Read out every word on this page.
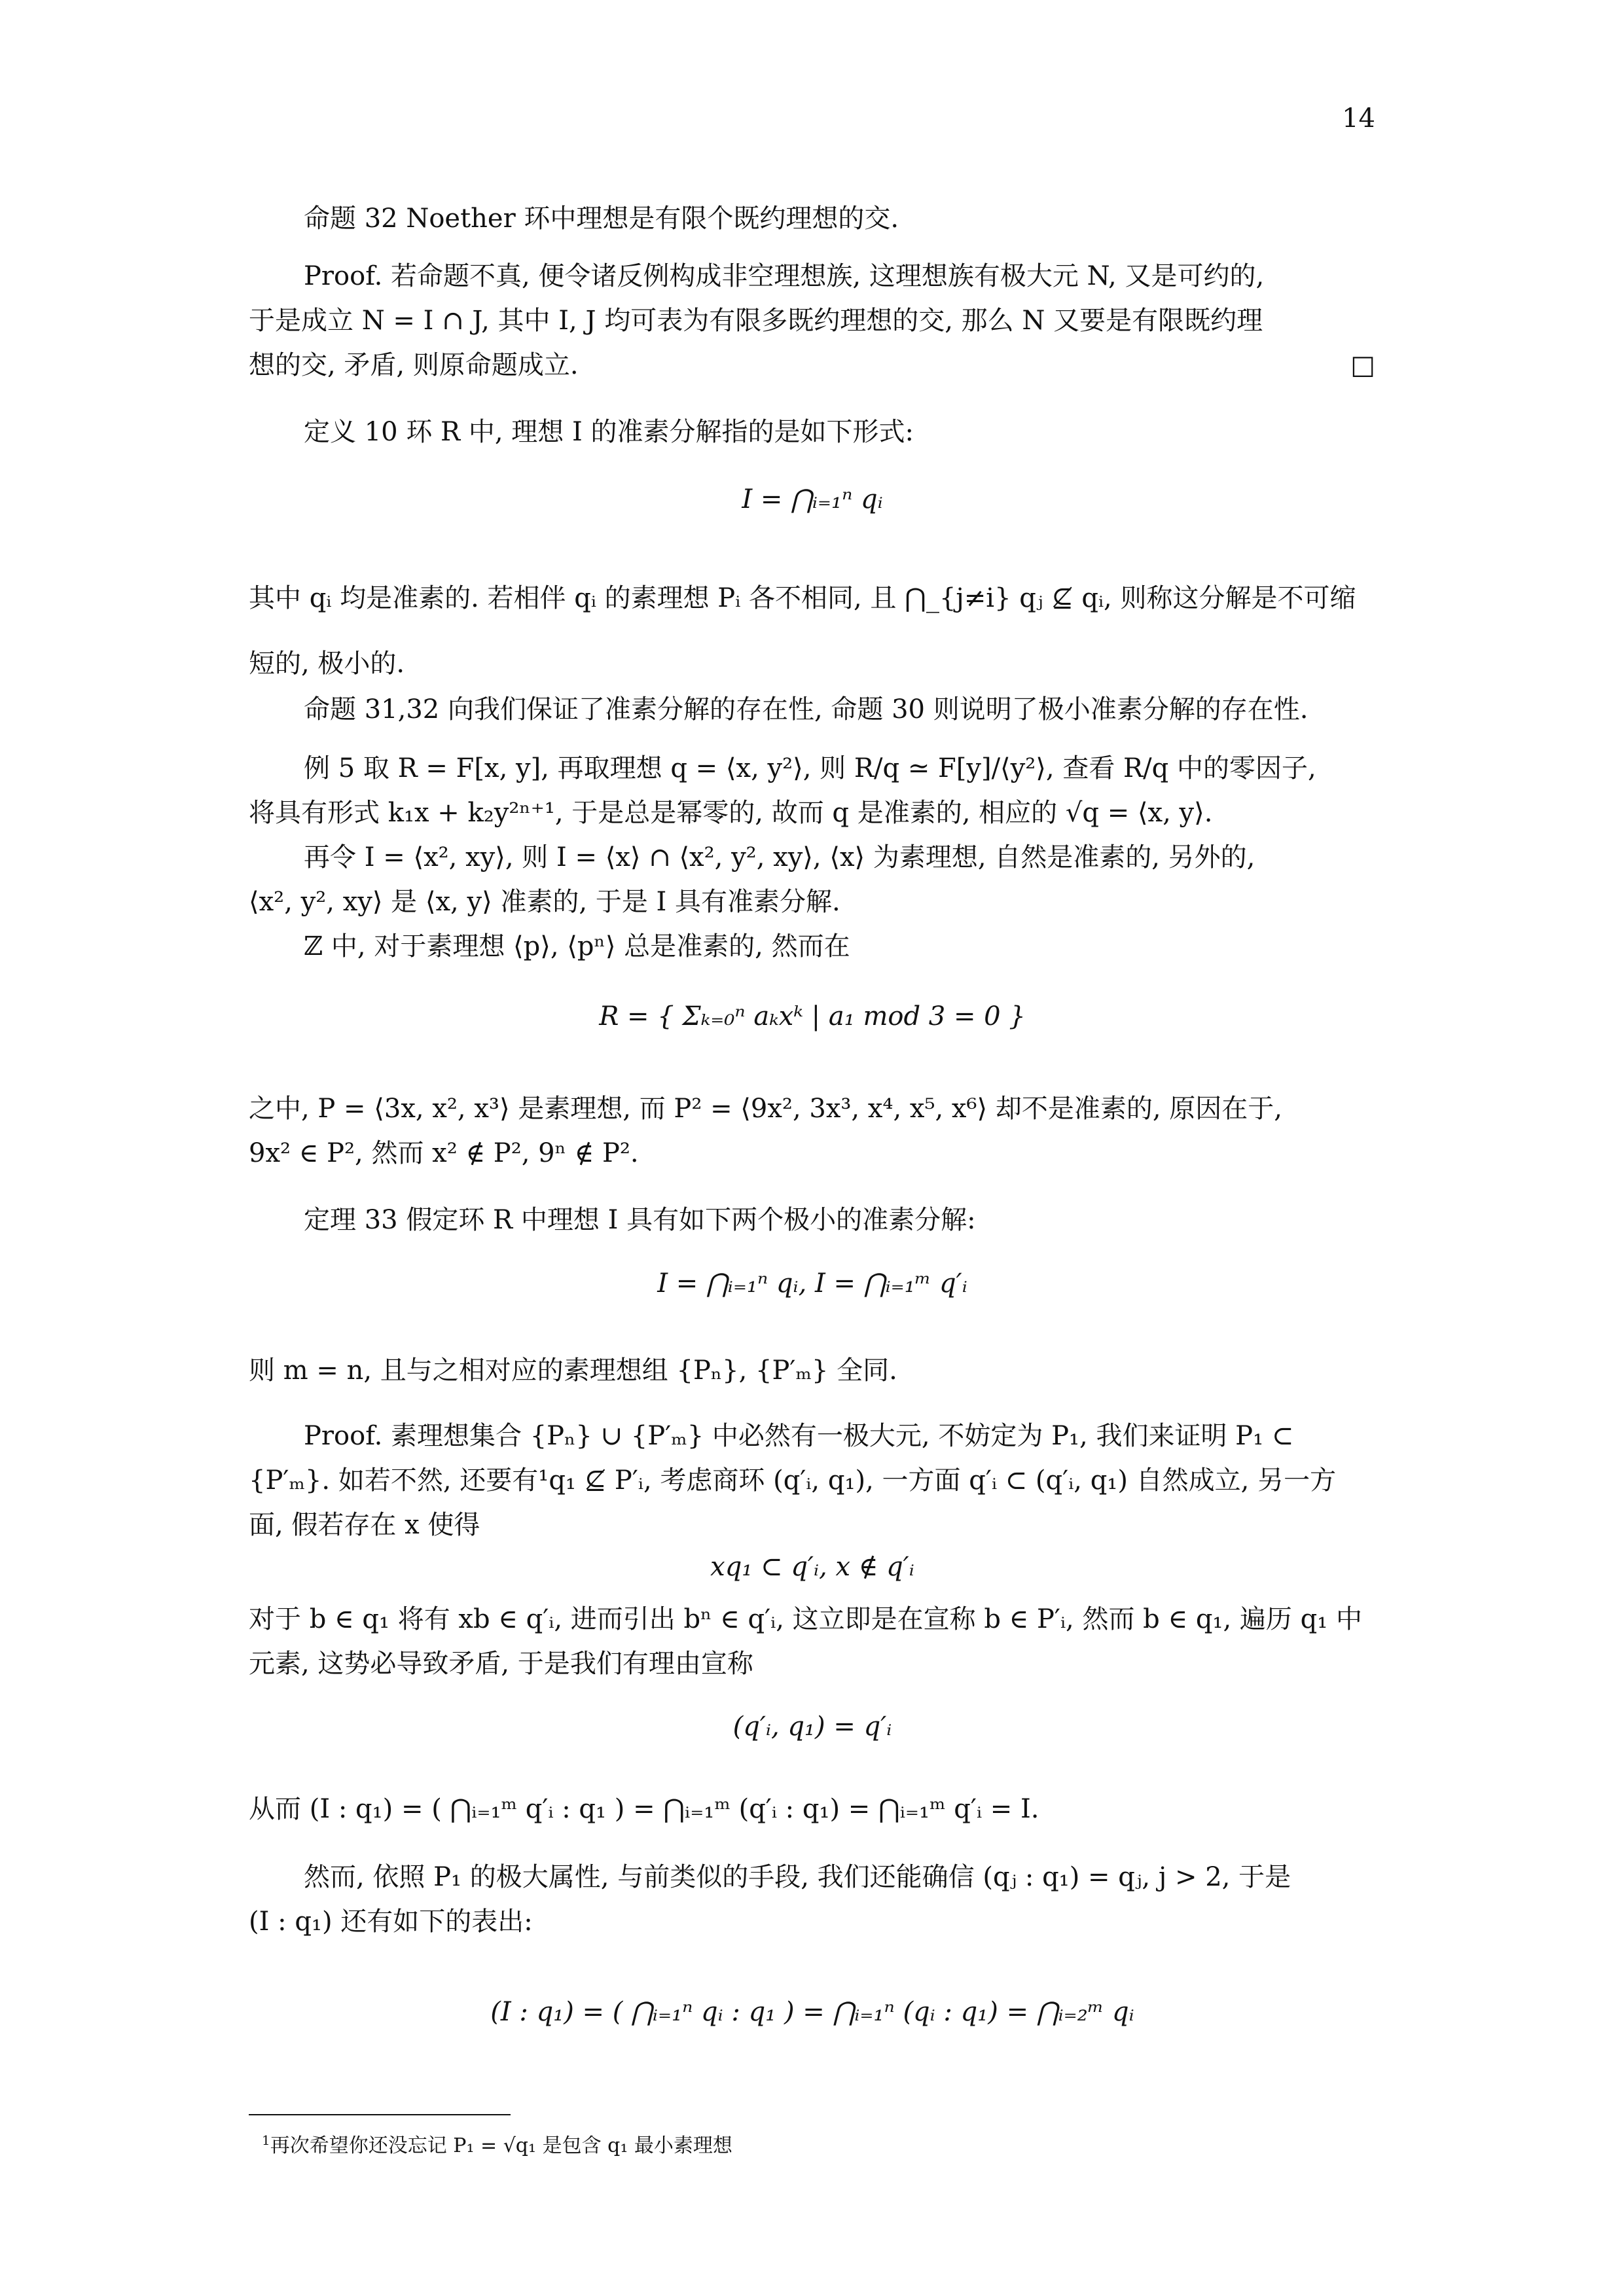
14
命题 32 Noether 环中理想是有限个既约理想的交.
Proof. 若命题不真, 便令诸反例构成非空理想族, 这理想族有极大元 N, 又是可约的,
于是成立 N = I ∩ J, 其中 I, J 均可表为有限多既约理想的交, 那么 N 又要是有限既约理
想的交, 矛盾, 则原命题成立.	□
定义 10 环 R 中, 理想 I 的准素分解指的是如下形式:
I = ⋂ᵢ₌₁ⁿ qᵢ
其中 qᵢ 均是准素的. 若相伴 qᵢ 的素理想 Pᵢ 各不相同, 且 ⋂_{j≠i} qⱼ ⊈ qᵢ, 则称这分解是不可缩
短的, 极小的.
命题 31,32 向我们保证了准素分解的存在性, 命题 30 则说明了极小准素分解的存在性.
例 5 取 R = F[x, y], 再取理想 q = ⟨x, y²⟩, 则 R/q ≃ F[y]/⟨y²⟩, 查看 R/q 中的零因子,
将具有形式 k₁x + k₂y²ⁿ⁺¹, 于是总是幂零的, 故而 q 是准素的, 相应的 √q = ⟨x, y⟩.
再令 I = ⟨x², xy⟩, 则 I = ⟨x⟩ ∩ ⟨x², y², xy⟩, ⟨x⟩ 为素理想, 自然是准素的, 另外的,
⟨x², y², xy⟩ 是 ⟨x, y⟩ 准素的, 于是 I 具有准素分解.
ℤ 中, 对于素理想 ⟨p⟩, ⟨pⁿ⟩ 总是准素的, 然而在
R = { Σₖ₌₀ⁿ aₖxᵏ | a₁ mod 3 = 0 }
之中, P = ⟨3x, x², x³⟩ 是素理想, 而 P² = ⟨9x², 3x³, x⁴, x⁵, x⁶⟩ 却不是准素的, 原因在于,
9x² ∈ P², 然而 x² ∉ P², 9ⁿ ∉ P².
定理 33 假定环 R 中理想 I 具有如下两个极小的准素分解:
I = ⋂ᵢ₌₁ⁿ qᵢ, I = ⋂ᵢ₌₁ᵐ q′ᵢ
则 m = n, 且与之相对应的素理想组 {Pₙ}, {P′ₘ} 全同.
Proof. 素理想集合 {Pₙ} ∪ {P′ₘ} 中必然有一极大元, 不妨定为 P₁, 我们来证明 P₁ ⊂
{P′ₘ}. 如若不然, 还要有¹q₁ ⊈ P′ᵢ, 考虑商环 (q′ᵢ, q₁), 一方面 q′ᵢ ⊂ (q′ᵢ, q₁) 自然成立, 另一方
面, 假若存在 x 使得
xq₁ ⊂ q′ᵢ, x ∉ q′ᵢ
对于 b ∈ q₁ 将有 xb ∈ q′ᵢ, 进而引出 bⁿ ∈ q′ᵢ, 这立即是在宣称 b ∈ P′ᵢ, 然而 b ∈ q₁, 遍历 q₁ 中
元素, 这势必导致矛盾, 于是我们有理由宣称
(q′ᵢ, q₁) = q′ᵢ
从而 (I : q₁) = ( ⋂ᵢ₌₁ᵐ q′ᵢ : q₁ ) = ⋂ᵢ₌₁ᵐ (q′ᵢ : q₁) = ⋂ᵢ₌₁ᵐ q′ᵢ = I.
然而, 依照 P₁ 的极大属性, 与前类似的手段, 我们还能确信 (qⱼ : q₁) = qⱼ, j > 2, 于是
(I : q₁) 还有如下的表出:
(I : q₁) = ( ⋂ᵢ₌₁ⁿ qᵢ : q₁ ) = ⋂ᵢ₌₁ⁿ (qᵢ : q₁) = ⋂ᵢ₌₂ᵐ qᵢ
$^1$再次希望你还没忘记 P₁ = √q₁ 是包含 q₁ 最小素理想
